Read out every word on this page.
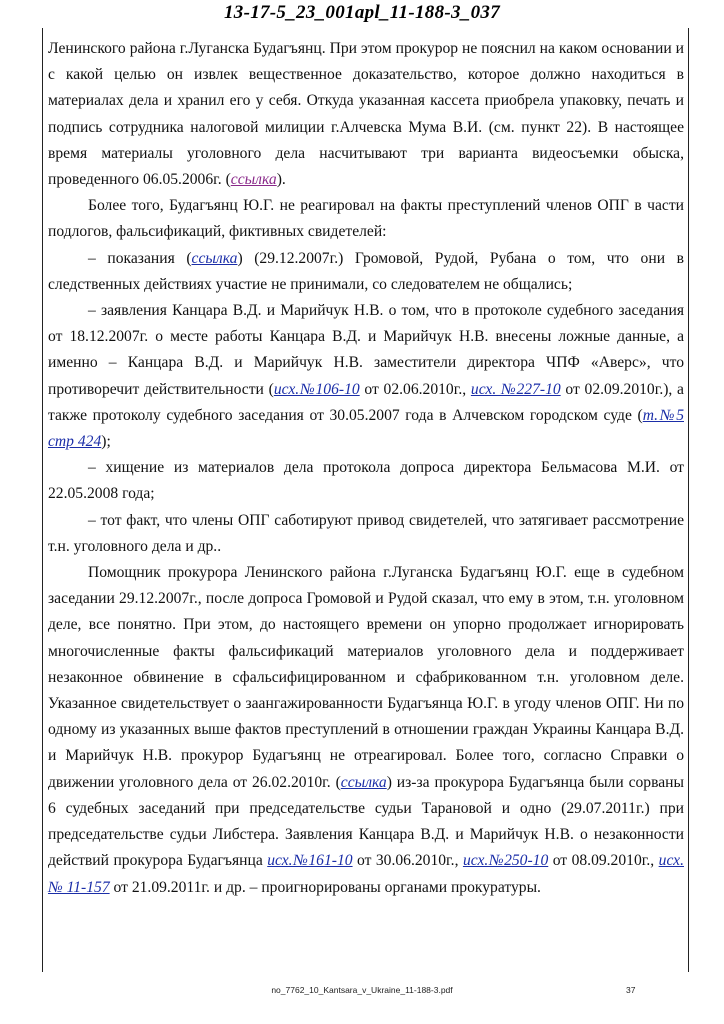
13-17-5_23_001apl_11-188-3_037

Ленинского района г.Луганска Будагъянц. При этом прокурор не пояснил на каком основании и с какой целью он извлек вещественное доказательство, которое должно находиться в материалах дела и хранил его у себя. Откуда указанная кассета приобрела упаковку, печать и подпись сотрудника налоговой милиции г.Алчевска Мума В.И. (см. пункт 22). В настоящее время материалы уголовного дела насчитывают три варианта видеосъемки обыска, проведенного 06.05.2006г. (ссылка).

Более того, Будагъянц Ю.Г. не реагировал на факты преступлений членов ОПГ в части подлогов, фальсификаций, фиктивных свидетелей:

– показания (ссылка) (29.12.2007г.) Громовой, Рудой, Рубана о том, что они в следственных действиях участие не принимали, со следователем не общались;

– заявления Канцара В.Д. и Марийчук Н.В. о том, что в протоколе судебного заседания от 18.12.2007г. о месте работы Канцара В.Д. и Марийчук Н.В. внесены ложные данные, а именно – Канцара В.Д. и Марийчук Н.В. заместители директора ЧПФ «Аверс», что противоречит действительности (исх.№106-10 от 02.06.2010г., исх. №227-10 от 02.09.2010г.), а также протоколу судебного заседания от 30.05.2007 года в Алчевском городском суде (т.№5 стр 424);

– хищение из материалов дела протокола допроса директора Бельмасова М.И. от 22.05.2008 года;

– тот факт, что члены ОПГ саботируют привод свидетелей, что затягивает рассмотрение т.н. уголовного дела и др..

Помощник прокурора Ленинского района г.Луганска Будагъянц Ю.Г. еще в судебном заседании 29.12.2007г., после допроса Громовой и Рудой сказал, что ему в этом, т.н. уголовном деле, все понятно. При этом, до настоящего времени он упорно продолжает игнорировать многочисленные факты фальсификаций материалов уголовного дела и поддерживает незаконное обвинение в сфальсифицированном и сфабрикованном т.н. уголовном деле. Указанное свидетельствует о заангажированности Будагъянца Ю.Г. в угоду членов ОПГ. Ни по одному из указанных выше фактов преступлений в отношении граждан Украины Канцара В.Д. и Марийчук Н.В. прокурор Будагъянц не отреагировал. Более того, согласно Справки о движении уголовного дела от 26.02.2010г. (ссылка) из-за прокурора Будагъянца были сорваны 6 судебных заседаний при председательстве судьи Тарановой и одно (29.07.2011г.) при председательстве судьи Либстера. Заявления Канцара В.Д. и Марийчук Н.В. о незаконности действий прокурора Будагъянца исх.№161-10 от 30.06.2010г., исх.№250-10 от 08.09.2010г., исх.№ 11-157 от 21.09.2011г. и др. – проигнорированы органами прокуратуры.

no_7762_10_Kantsara_v_Ukraine_11-188-3.pdf	37
